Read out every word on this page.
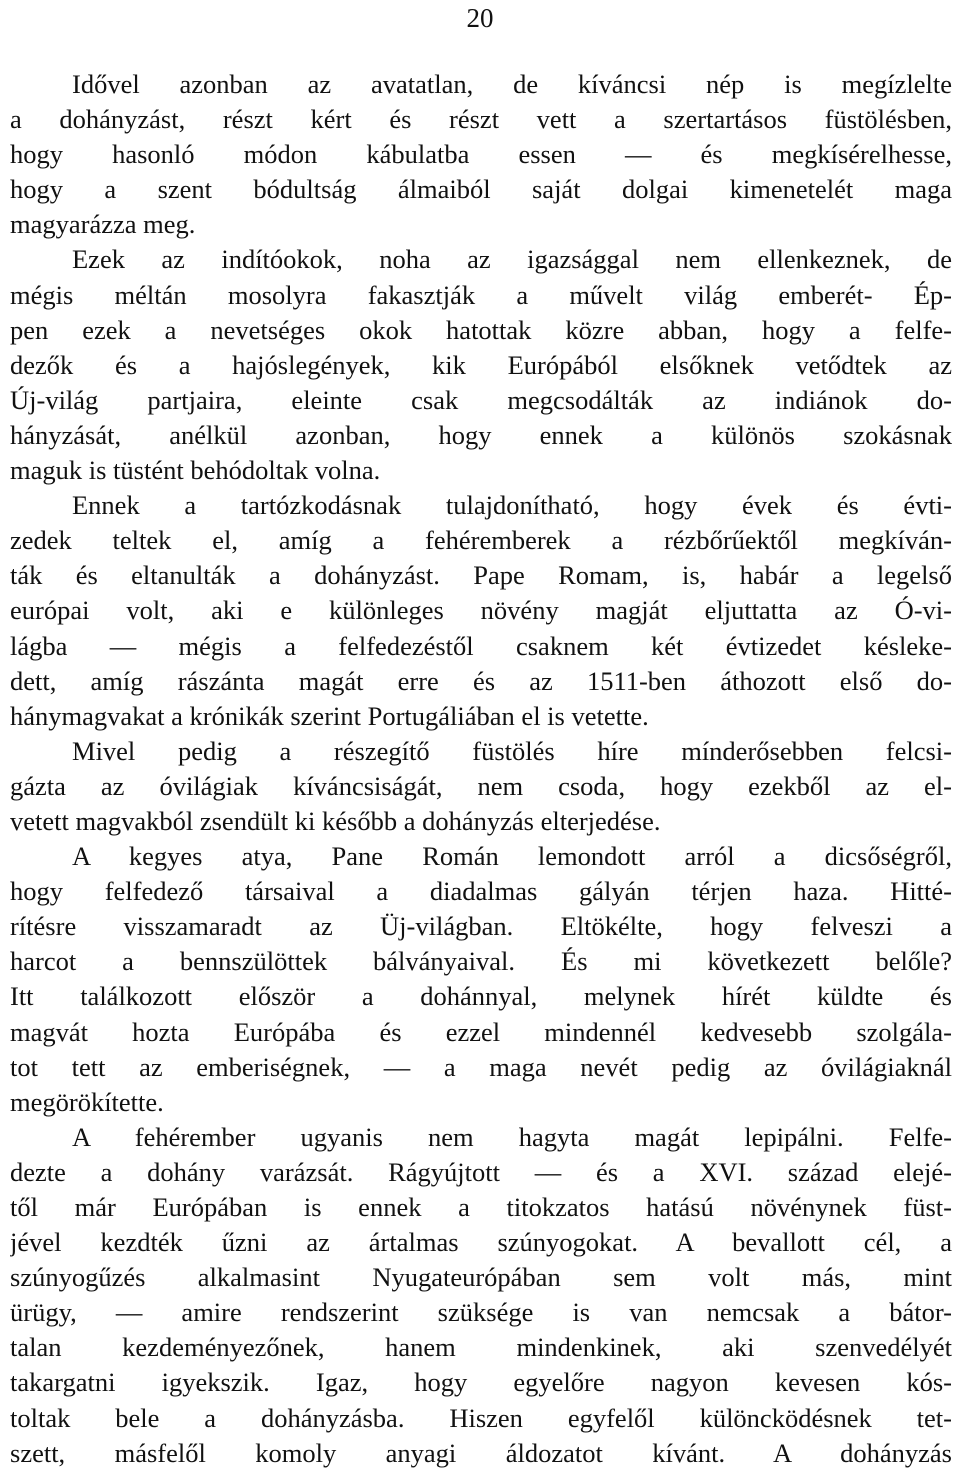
20
Idővel azonban az avatatlan, de kíváncsi nép is megízlelte
a dohányzást, részt kért és részt vett a szertartásos füstölésben,
hogy hasonló módon kábulatba essen — és megkísérelhesse,
hogy a szent bódultság álmaiból saját dolgai kimenetelét maga
magyarázza meg.
Ezek az indítóokok, noha az igazsággal nem ellenkeznek, de
mégis méltán mosolyra fakasztják a művelt világ emberét- Ép-
pen ezek a nevetséges okok hatottak közre abban, hogy a felfe-
dezők és a hajóslegények, kik Európából elsőknek vetődtek az
Új-világ partjaira, eleinte csak megcsodálták az indiánok do-
hányzását, anélkül azonban, hogy ennek a különös szokásnak
maguk is tüstént behódoltak volna.
Ennek a tartózkodásnak tulajdonítható, hogy évek és évti-
zedek teltek el, amíg a fehéremberek a rézbőrűektől megkíván-
ták és eltanulták a dohányzást. Pape Romam, is, habár a legelső
európai volt, aki e különleges növény magját eljuttatta az Ó-vi-
lágba — mégis a felfedezéstől csaknem két évtizedet késleke-
dett, amíg rászánta magát erre és az 1511-ben áthozott első do-
hánymagvakat a krónikák szerint Portugáliában el is vetette.
Mivel pedig a részegítő füstölés híre mínderősebben felcsi-
gázta az óvilágiak kíváncsiságát, nem csoda, hogy ezekből az el-
vetett magvakból zsendült ki később a dohányzás elterjedése.
A kegyes atya, Pane Román lemondott arról a dicsőségről,
hogy felfedező társaival a diadalmas gályán térjen haza. Hitté-
rítésre visszamaradt az Üj-világban. Eltökélte, hogy felveszi a
harcot a bennszülöttek bálványaival. És mi következett belőle?
Itt találkozott először a dohánnyal, melynek hírét küldte és
magvát hozta Európába és ezzel mindennél kedvesebb szolgála-
tot tett az emberiségnek, — a maga nevét pedig az óvilágiaknál
megörökítette.
A fehérember ugyanis nem hagyta magát lepipálni. Felfe-
dezte a dohány varázsát. Rágyújtott — és a XVI. század elejé-
től már Európában is ennek a titokzatos hatású növénynek füst-
jével kezdték űzni az ártalmas szúnyogokat. A bevallott cél, a
szúnyogűzés alkalmasint Nyugateurópában sem volt más, mint
ürügy, — amire rendszerint szüksége is van nemcsak a bátor-
talan kezdeményezőnek, hanem mindenkinek, aki szenvedélyét
takargatni igyekszik. Igaz, hogy egyelőre nagyon kevesen kós-
toltak bele a dohányzásba. Hiszen egyfelől különcködésnek tet-
szett, másfelől komoly anyagi áldozatot kívánt. A dohányzás
